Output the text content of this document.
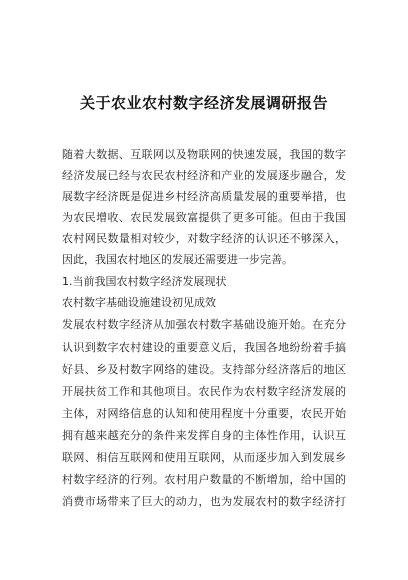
关于农业农村数字经济发展调研报告
随着大数据、互联网以及物联网的快速发展，我国的数字
经济发展已经与农民农村经济和产业的发展逐步融合，发
展数字经济既是促进乡村经济高质量发展的重要举措，也
为农民增收、农民发展致富提供了更多可能。但由于我国
农村网民数量相对较少，对数字经济的认识还不够深入，
因此，我国农村地区的发展还需要进一步完善。
1.当前我国农村数字经济发展现状
农村数字基础设施建设初见成效
发展农村数字经济从加强农村数字基础设施开始。在充分
认识到数字农村建设的重要意义后，我国各地纷纷着手搞
好县、乡及村数字网络的建设。支持部分经济落后的地区
开展扶贫工作和其他项目。农民作为农村数字经济发展的
主体，对网络信息的认知和使用程度十分重要，农民开始
拥有越来越充分的条件来发挥自身的主体性作用，认识互
联网、相信互联网和使用互联网，从而逐步加入到发展乡
村数字经济的行列。农村用户数量的不断增加，给中国的
消费市场带来了巨大的动力，也为发展农村的数字经济打
